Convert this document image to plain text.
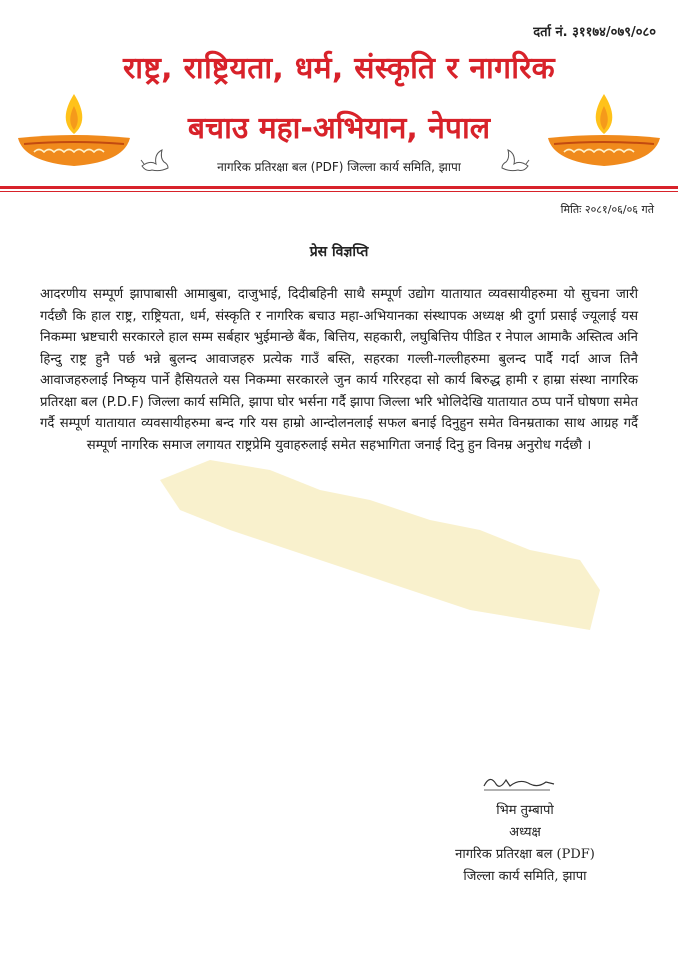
दर्ता नं. ३११७४/०७९/०८०
राष्ट्र, राष्ट्रियता, धर्म, संस्कृति र नागरिक
बचाउ महा-अभियान, नेपाल
नागरिक प्रतिरक्षा बल (PDF) जिल्ला कार्य समिति, झापा
मितिः २०८१/०६/०६ गते
प्रेस विज्ञप्ति
आदरणीय सम्पूर्ण झापाबासी आमाबुबा, दाजुभाई, दिदीबहिनी साथै सम्पूर्ण उद्योग यातायात व्यवसायीहरुमा यो सुचना जारी गर्दछौ कि हाल राष्ट्र, राष्ट्रियता, धर्म, संस्कृति र नागरिक बचाउ महा-अभियानका संस्थापक अध्यक्ष श्री दुर्गा प्रसाई ज्यूलाई यस निकम्मा भ्रष्टचारी सरकारले हाल सम्म सर्बहार भुईमान्छे बैंक, बित्तिय, सहकारी, लघुबित्तिय पीडित र नेपाल आमाकै अस्तित्व अनि हिन्दु राष्ट्र हुनै पर्छ भन्ने बुलन्द आवाजहरु प्रत्येक गाउँ बस्ति, सहरका गल्ली-गल्लीहरुमा बुलन्द पार्दै गर्दा आज तिनै आवाजहरुलाई निष्कृय पार्ने हैसियतले यस निकम्मा सरकारले जुन कार्य गरिरहदा सो कार्य बिरुद्ध हामी र हाम्रा संस्था नागरिक प्रतिरक्षा बल (P.D.F) जिल्ला कार्य समिति, झापा घोर भर्सना गर्दै झापा जिल्ला भरि भोलिदेखि यातायात ठप्प पार्ने घोषणा समेत गर्दै सम्पूर्ण यातायात व्यवसायीहरुमा बन्द गरि यस हाम्रो आन्दोलनलाई सफल बनाई दिनुहुन समेत विनम्रताका साथ आग्रह गर्दै सम्पूर्ण नागरिक समाज लगायत राष्ट्रप्रेमि युवाहरुलाई समेत सहभागिता जनाई दिनु हुन विनम्र अनुरोध गर्दछौ ।
भिम तुम्बापो
अध्यक्ष
नागरिक प्रतिरक्षा बल (PDF)
जिल्ला कार्य समिति, झापा
